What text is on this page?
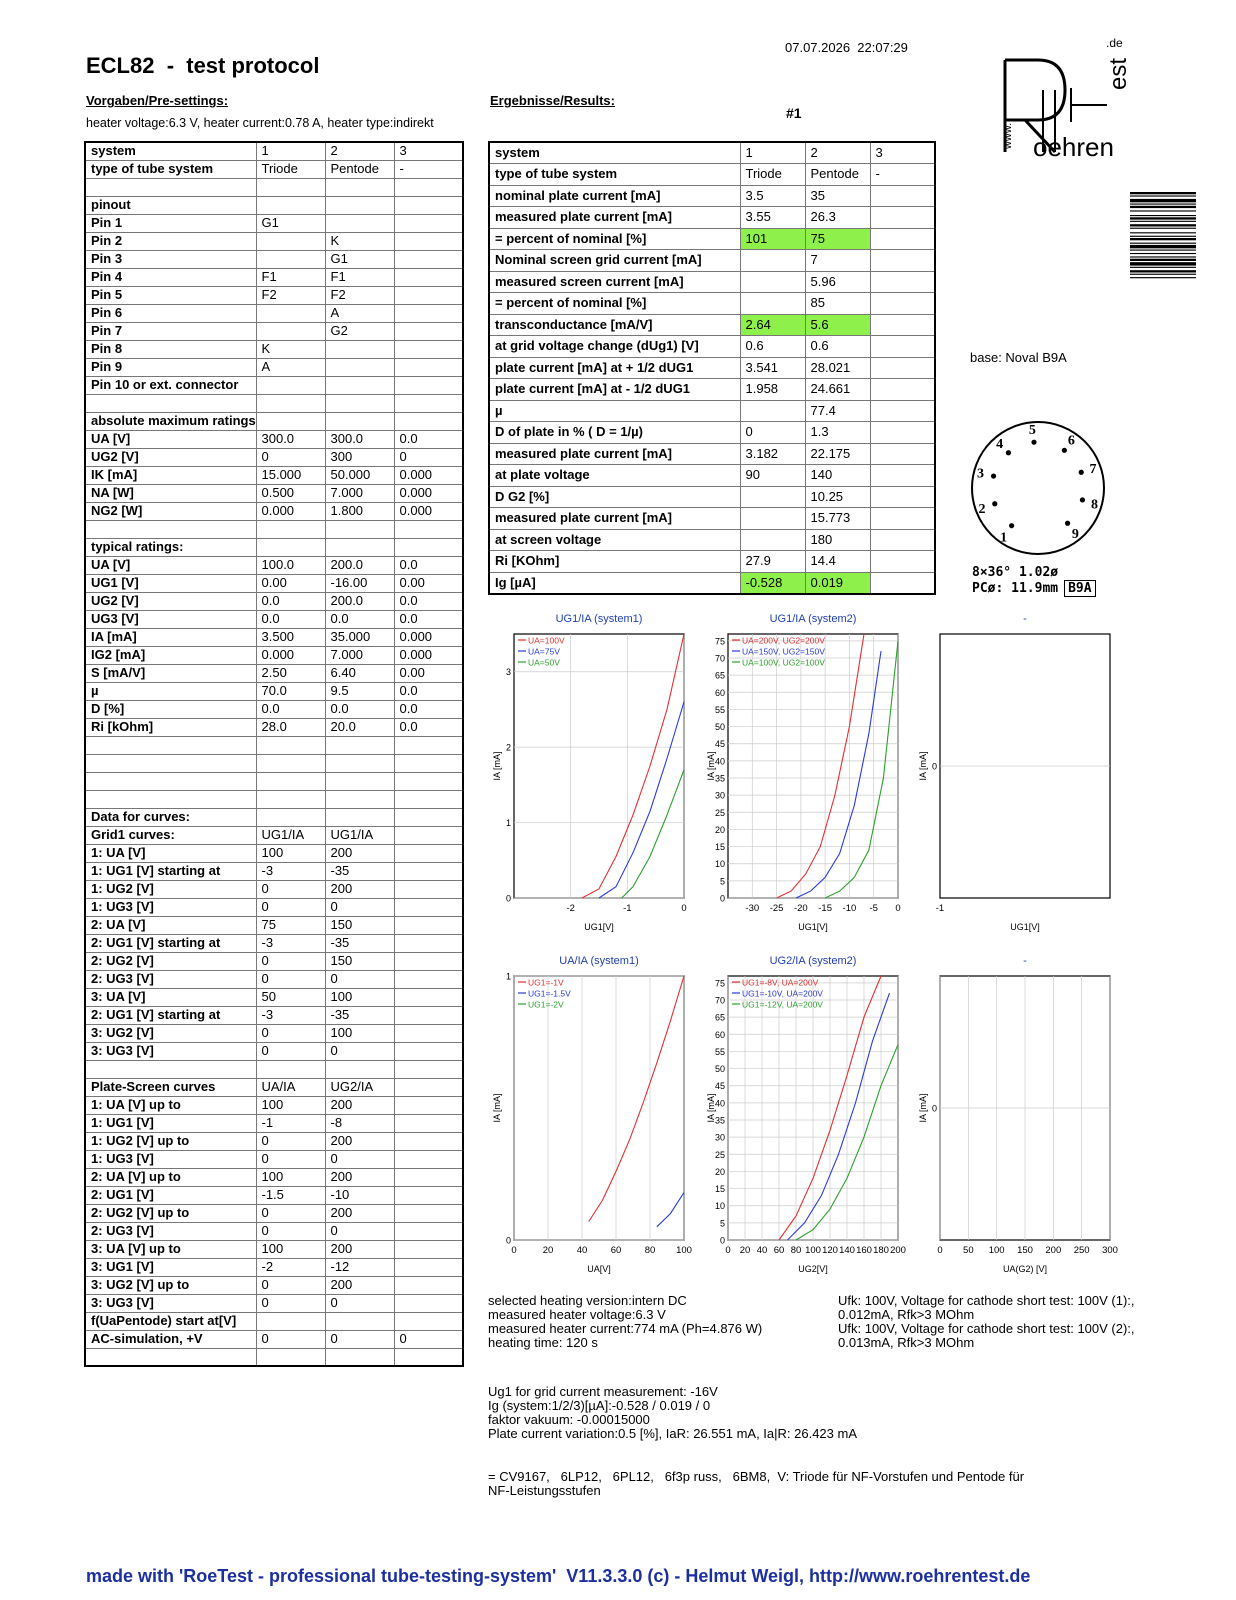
ECL82  -  test protocol
07.07.2026  22:07:29
Vorgaben/Pre-settings:
heater voltage:6.3 V, heater current:0.78 A, heater type:indirekt
Ergebnisse/Results:
#1
www. oehren
est
.de
system	1	2	3
type of tube system	Triode	Pentode	-

pinout			
Pin 1	G1		
Pin 2		K	
Pin 3		G1	
Pin 4	F1	F1	
Pin 5	F2	F2	
Pin 6		A	
Pin 7		G2	
Pin 8	K		
Pin 9	A		
Pin 10 or ext. connector			

absolute maximum ratings			
UA [V]	300.0	300.0	0.0
UG2 [V]	0	300	0
IK [mA]	15.000	50.000	0.000
NA [W]	0.500	7.000	0.000
NG2 [W]	0.000	1.800	0.000

typical ratings:			
UA [V]	100.0	200.0	0.0
UG1 [V]	0.00	-16.00	0.00
UG2 [V]	0.0	200.0	0.0
UG3 [V]	0.0	0.0	0.0
IA [mA]	3.500	35.000	0.000
IG2 [mA]	0.000	7.000	0.000
S [mA/V]	2.50	6.40	0.00
µ	70.0	9.5	0.0
D [%]	0.0	0.0	0.0
Ri [kOhm]	28.0	20.0	0.0

Data for curves:			
Grid1 curves:	UG1/IA	UG1/IA	
1: UA [V]	100	200	
1: UG1 [V] starting at	-3	-35	
1: UG2 [V]	0	200	
1: UG3 [V]	0	0	
2: UA [V]	75	150	
2: UG1 [V] starting at	-3	-35	
2: UG2 [V]	0	150	
2: UG3 [V]	0	0	
3: UA [V]	50	100	
2: UG1 [V] starting at	-3	-35	
3: UG2 [V]	0	100	
3: UG3 [V]	0	0	

Plate-Screen curves	UA/IA	UG2/IA	
1: UA [V] up to	100	200	
1: UG1 [V]	-1	-8	
1: UG2 [V] up to	0	200	
1: UG3 [V]	0	0	
2: UA [V] up to	100	200	
2: UG1 [V]	-1.5	-10	
2: UG2 [V] up to	0	200	
2: UG3 [V]	0	0	
3: UA [V] up to	100	200	
3: UG1 [V]	-2	-12	
3: UG2 [V] up to	0	200	
3: UG3 [V]	0	0	
f(UaPentode) start at[V]			
AC-simulation, +V	0	0	0

system	1	2	3
type of tube system	Triode	Pentode	-
nominal plate current [mA]	3.5	35	
measured plate current [mA]	3.55	26.3	
= percent of nominal [%]	101	75	
Nominal screen grid current [mA]		7	
measured screen current [mA]		5.96	
= percent of nominal [%]		85	
transconductance [mA/V]	2.64	5.6	
at grid voltage change (dUg1) [V]	0.6	0.6	
plate current [mA] at + 1/2 dUG1	3.541	28.021	
plate current [mA] at - 1/2 dUG1	1.958	24.661	
µ		77.4	
D of plate in % ( D = 1/µ)	0	1.3	
measured plate current [mA]	3.182	22.175	
at plate voltage	90	140	
D G2 [%]		10.25	
measured plate current [mA]		15.773	
at screen voltage		180	
Ri [KOhm]	27.9	14.4	
Ig [µA]	-0.528	0.019	
base: Noval B9A
1
2
3
4
5
6
7
8
9
8×36° 1.02ø
PCø: 11.9mm B9A
UG1/IA (system1)
IA [mA]
UG1[V]
-2	-1	0
0
1
2
3
UA=100V
UA=75V
UA=50V
UG1/IA (system2)
IA [mA]
UG1[V]
-30 -25 -20 -15 -10 -5 0
0
5
10
15
20
25
30
35
40
45
50
55
60
65
70
75 UA=200V, UG2=200V
UA=150V, UG2=150V
UA=100V, UG2=100V
-
IA [mA]
UG1[V]
0
-1
UA/IA (system1)
IA [mA]
UA[V]
0	20 40 60 80 100
0
1
UG1=-1V
UG1=-1.5V
UG1=-2V
UG2/IA (system2)
IA [mA]
UG2[V]
0 20 40 60 80 100 120 140 160 180 200
0
5
10
15
20
25
30
35
40
45
50
55
60
65
70
75 UG1=-8V, UA=200V
UG1=-10V, UA=200V
UG1=-12V, UA=200V
-
IA [mA]
UA(G2) [V]
0
0 50 100 150 200 250 300
selected heating version:intern DC
measured heater voltage:6.3 V
measured heater current:774 mA (Ph=4.876 W)
heating time: 120 s
Ufk: 100V, Voltage for cathode short test: 100V (1):,
0.012mA, Rfk>3 MOhm
Ufk: 100V, Voltage for cathode short test: 100V (2):,
0.013mA, Rfk>3 MOhm
Ug1 for grid current measurement: -16V
Ig (system:1/2/3)[µA]:-0.528 / 0.019 / 0
faktor vakuum: -0.00015000
Plate current variation:0.5 [%], IaR: 26.551 mA, Ia|R: 26.423 mA
= CV9167,   6LP12,   6PL12,   6f3p russ,   6BM8,  V: Triode für NF-Vorstufen und Pentode für
NF-Leistungsstufen
made with 'RoeTest - professional tube-testing-system'  V11.3.3.0 (c) - Helmut Weigl, http://www.roehrentest.de
